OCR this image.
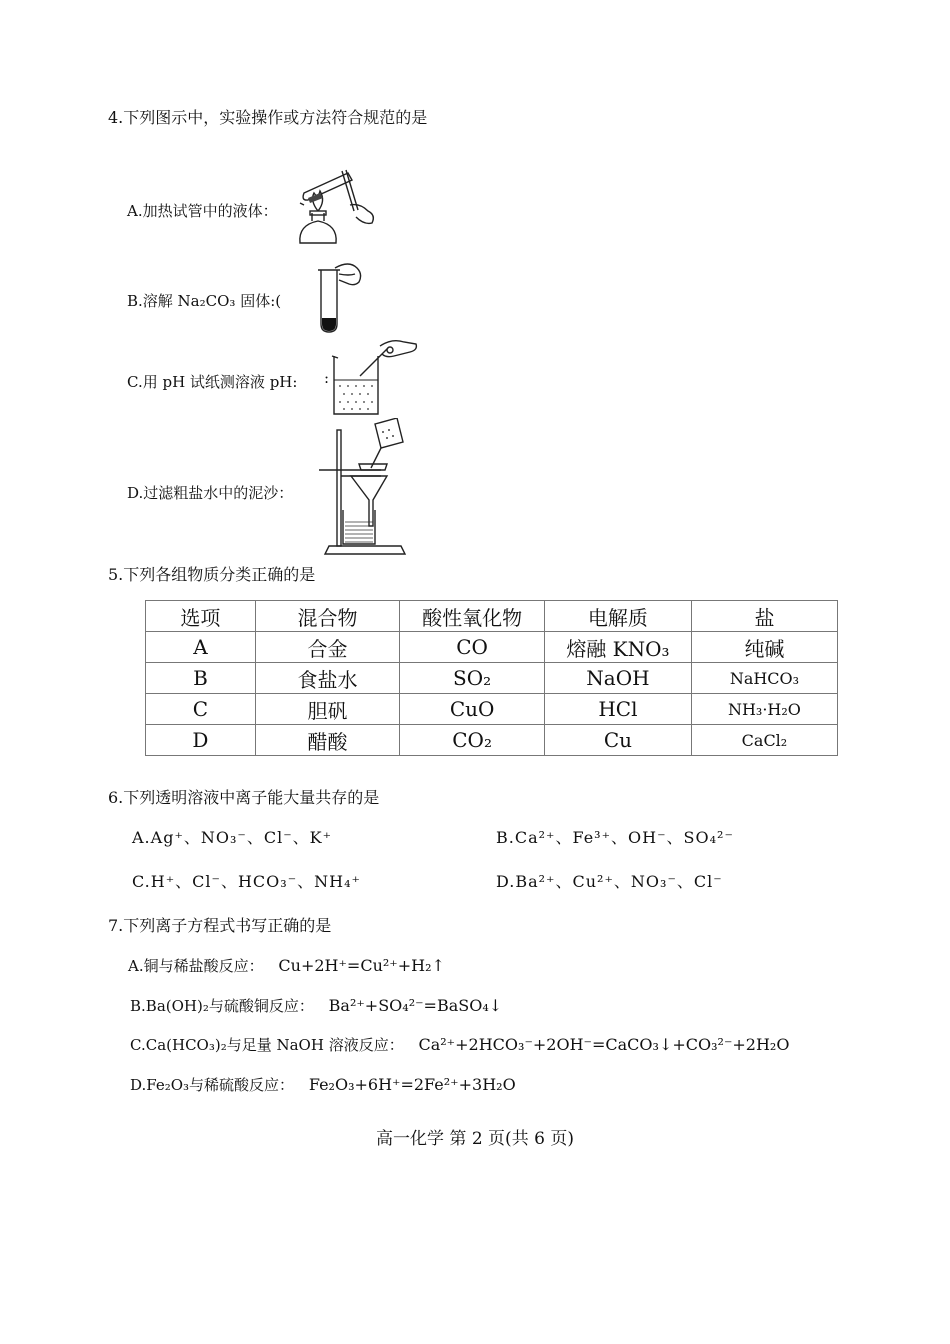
4.下列图示中，实验操作或方法符合规范的是
A.加热试管中的液体：
B.溶解 Na₂CO₃ 固体:(
C.用 pH 试纸测溶液 pH: :
D.过滤粗盐水中的泥沙：
5.下列各组物质分类正确的是
选项	混合物	酸性氧化物	电解质	盐
A	合金	CO	熔融 KNO₃	纯碱
B	食盐水	SO₂	NaOH	NaHCO₃
C	胆矾	CuO	HCl	NH₃·H₂O
D	醋酸	CO₂	Cu	CaCl₂
6.下列透明溶液中离子能大量共存的是
A.Ag⁺、NO₃⁻、Cl⁻、K⁺	B.Ca²⁺、Fe³⁺、OH⁻、SO₄²⁻
C.H⁺、Cl⁻、HCO₃⁻、NH₄⁺	D.Ba²⁺、Cu²⁺、NO₃⁻、Cl⁻
7.下列离子方程式书写正确的是
A.铜与稀盐酸反应： Cu+2H⁺=Cu²⁺+H₂↑
B.Ba(OH)₂与硫酸铜反应： Ba²⁺+SO₄²⁻=BaSO₄↓
C.Ca(HCO₃)₂与足量 NaOH 溶液反应： Ca²⁺+2HCO₃⁻+2OH⁻=CaCO₃↓+CO₃²⁻+2H₂O
D.Fe₂O₃与稀硫酸反应： Fe₂O₃+6H⁺=2Fe²⁺+3H₂O
高一化学 第 2 页(共 6 页)
